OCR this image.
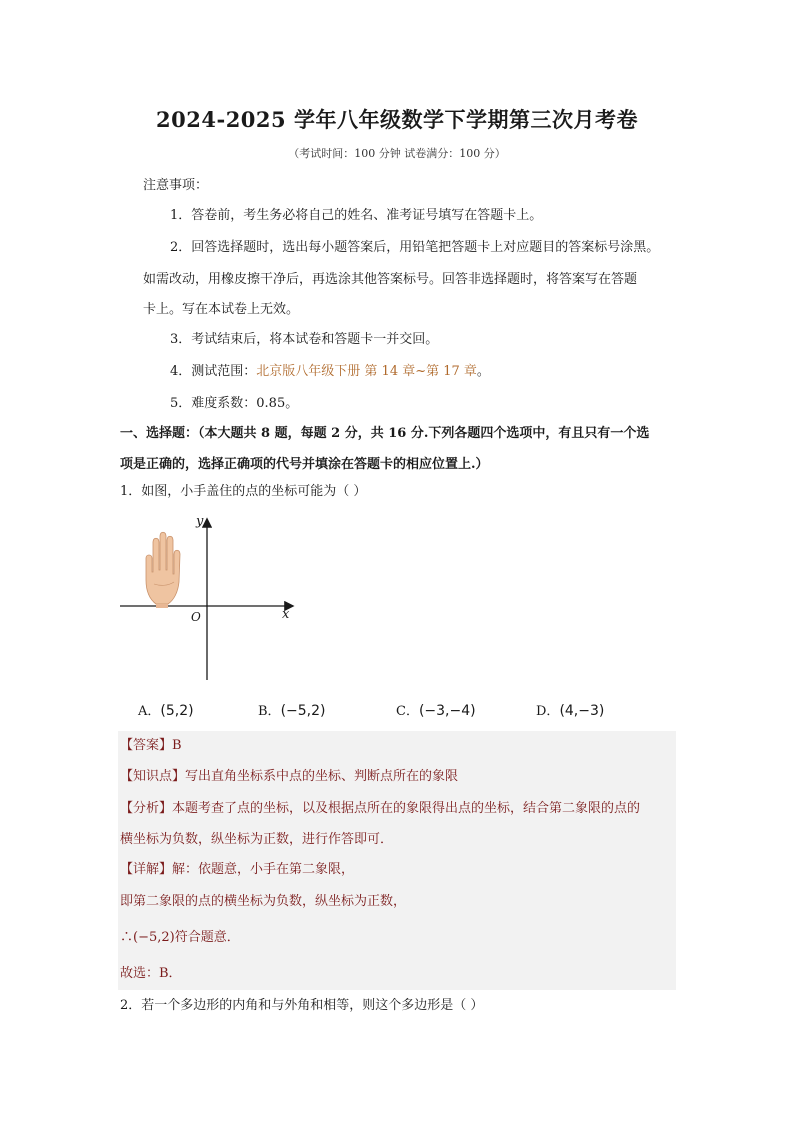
2024-2025 学年八年级数学下学期第三次月考卷
（考试时间：100 分钟 试卷满分：100 分）
注意事项：
1．答卷前，考生务必将自己的姓名、准考证号填写在答题卡上。
2．回答选择题时，选出每小题答案后，用铅笔把答题卡上对应题目的答案标号涂黑。
如需改动，用橡皮擦干净后，再选涂其他答案标号。回答非选择题时，将答案写在答题
卡上。写在本试卷上无效。
3．考试结束后，将本试卷和答题卡一并交回。
4．测试范围：北京版八年级下册 第 14 章~第 17 章。
5．难度系数：0.85。
一、选择题：（本大题共 8 题，每题 2 分，共 16 分.下列各题四个选项中，有且只有一个选
项是正确的，选择正确项的代号并填涂在答题卡的相应位置上.）
1．如图，小手盖住的点的坐标可能为（ ）
y
x
O
A．(5,2)	B．(−5,2)	C．(−3,−4)	D．(4,−3)
【答案】B
【知识点】写出直角坐标系中点的坐标、判断点所在的象限
【分析】本题考查了点的坐标，以及根据点所在的象限得出点的坐标，结合第二象限的点的
横坐标为负数，纵坐标为正数，进行作答即可．
【详解】解：依题意，小手在第二象限，
即第二象限的点的横坐标为负数，纵坐标为正数，
∴(−5,2)符合题意．
故选：B．
2．若一个多边形的内角和与外角和相等，则这个多边形是（ ）
